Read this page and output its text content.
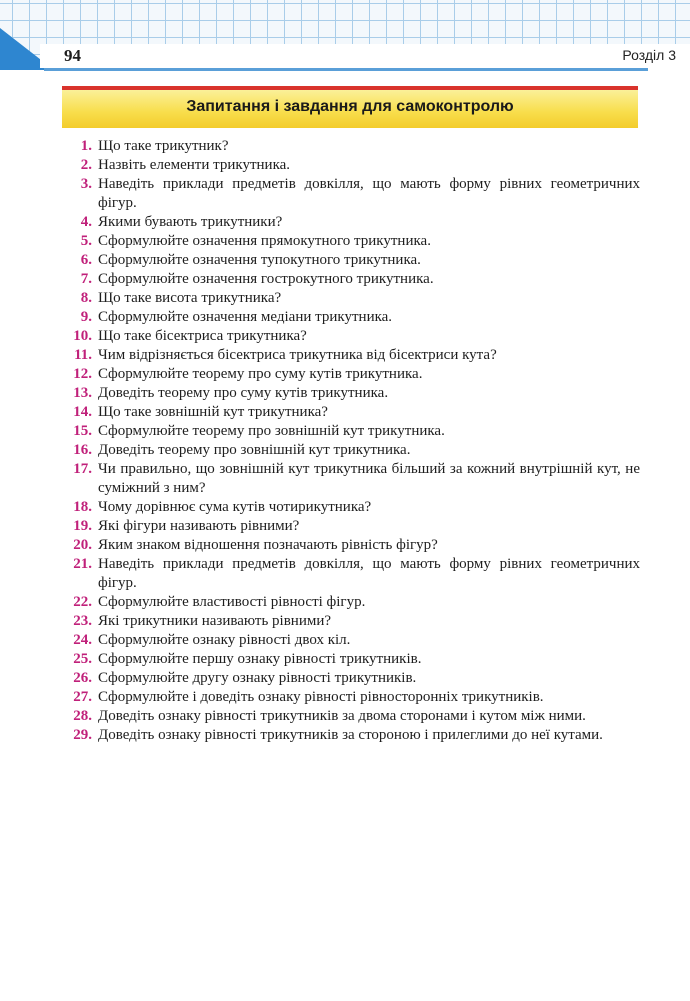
94	Розділ 3
Запитання і завдання для самоконтролю
1. Що таке трикутник?
2. Назвіть елементи трикутника.
3. Наведіть приклади предметів довкілля, що мають форму рівних геометричних фігур.
4. Якими бувають трикутники?
5. Сформулюйте означення прямокутного трикутника.
6. Сформулюйте означення тупокутного трикутника.
7. Сформулюйте означення гострокутного трикутника.
8. Що таке висота трикутника?
9. Сформулюйте означення медіани трикутника.
10. Що таке бісектриса трикутника?
11. Чим відрізняється бісектриса трикутника від бісектриси кута?
12. Сформулюйте теорему про суму кутів трикутника.
13. Доведіть теорему про суму кутів трикутника.
14. Що таке зовнішній кут трикутника?
15. Сформулюйте теорему про зовнішній кут трикутника.
16. Доведіть теорему про зовнішній кут трикутника.
17. Чи правильно, що зовнішній кут трикутника більший за кожний внутрішній кут, не суміжний з ним?
18. Чому дорівнює сума кутів чотирикутника?
19. Які фігури називають рівними?
20. Яким знаком відношення позначають рівність фігур?
21. Наведіть приклади предметів довкілля, що мають форму рівних геометричних фігур.
22. Сформулюйте властивості рівності фігур.
23. Які трикутники називають рівними?
24. Сформулюйте ознаку рівності двох кіл.
25. Сформулюйте першу ознаку рівності трикутників.
26. Сформулюйте другу ознаку рівності трикутників.
27. Сформулюйте і доведіть ознаку рівності рівносторонніх трикутників.
28. Доведіть ознаку рівності трикутників за двома сторонами і кутом між ними.
29. Доведіть ознаку рівності трикутників за стороною і прилеглими до неї кутами.
